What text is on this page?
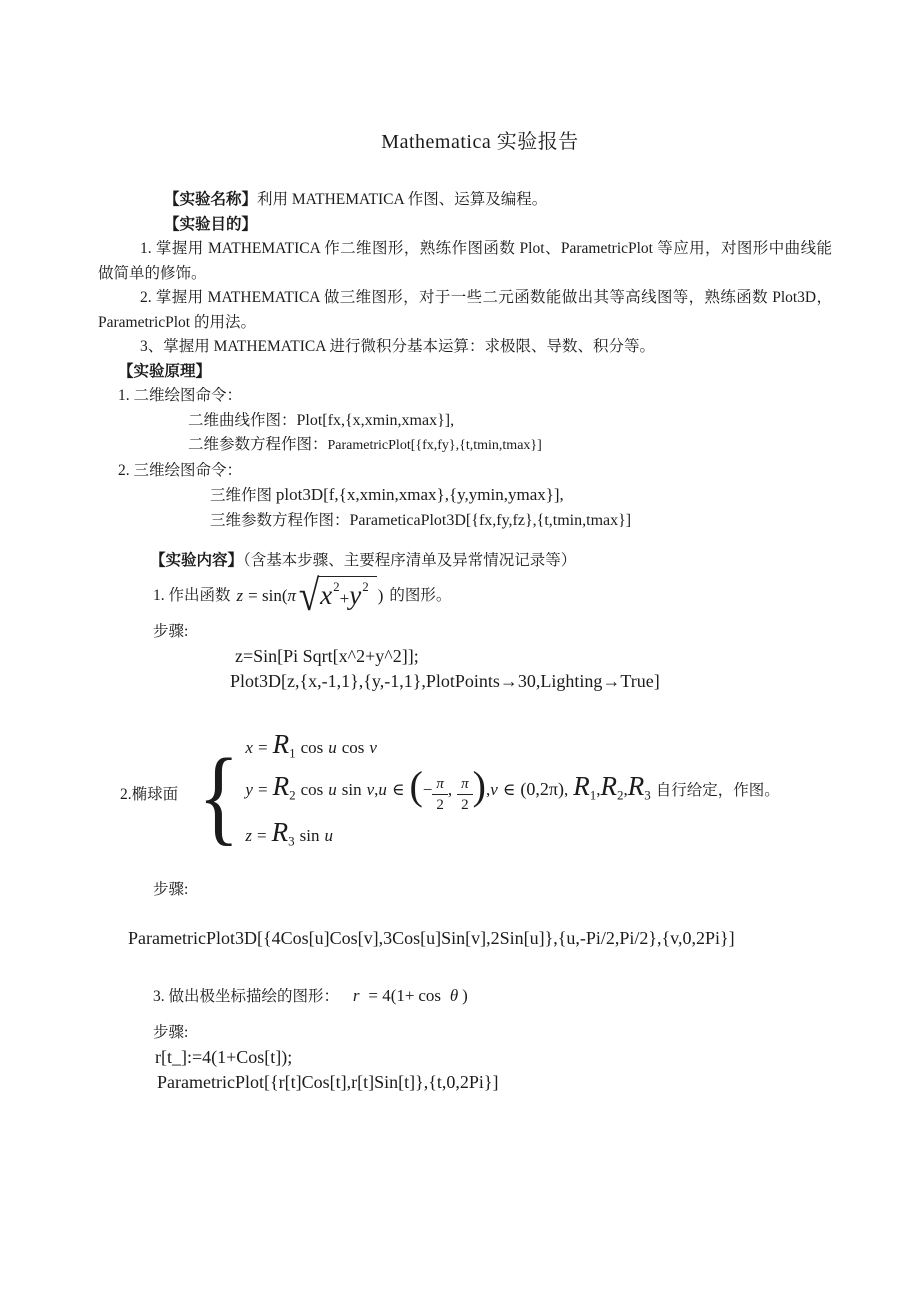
Mathematica 实验报告

【实验名称】利用 MATHEMATICA 作图、运算及编程。

【实验目的】

1. 掌握用 MATHEMATICA 作二维图形，熟练作图函数 Plot、ParametricPlot 等应用，对图形中曲线能做简单的修饰。

2. 掌握用 MATHEMATICA 做三维图形，对于一些二元函数能做出其等高线图等，熟练函数 Plot3D，ParametricPlot 的用法。

3、掌握用 MATHEMATICA 进行微积分基本运算：求极限、导数、积分等。

【实验原理】

1. 二维绘图命令：

二维曲线作图：Plot[fx,{x,xmin,xmax}],
二维参数方程作图：ParametricPlot[{fx,fy},{t,tmin,tmax}]

2. 三维绘图命令：

三维作图 plot3D[f,{x,xmin,xmax},{y,ymin,ymax}],
三维参数方程作图：ParameticaPlot3D[{fx,fy,fz},{t,tmin,tmax}]

【实验内容】（含基本步骤、主要程序清单及异常情况记录等）

1. 作出函数 z = sin( π √ $x^2+y^2$ ) 的图形。

步骤:

z=Sin[Pi Sqrt[x^2+y^2]];
Plot3D[z,{x,-1,1},{y,-1,1},PlotPoints→30,Lighting→True]
2.椭球面 { $x = R_1$ cos u cos v
$y = R_2$ cos u sin v,u ∈ (− $\frac{\pi}{2}$ , $\frac{\pi}{2} ),v$ ∈ (0,2π), $R_1,R_2,R_3$ 自行给定，作图。
$z = R_3$ sin u

步骤:

ParametricPlot3D[{4Cos[u]Cos[v],3Cos[u]Sin[v],2Sin[u]},{u,-Pi/2,Pi/2},{v,0,2Pi}]
3. 做出极坐标描绘的图形： r = 4(1+ cos θ )

步骤:

r[t_]:=4(1+Cos[t]);
ParametricPlot[{r[t]Cos[t],r[t]Sin[t]},{t,0,2Pi}]
